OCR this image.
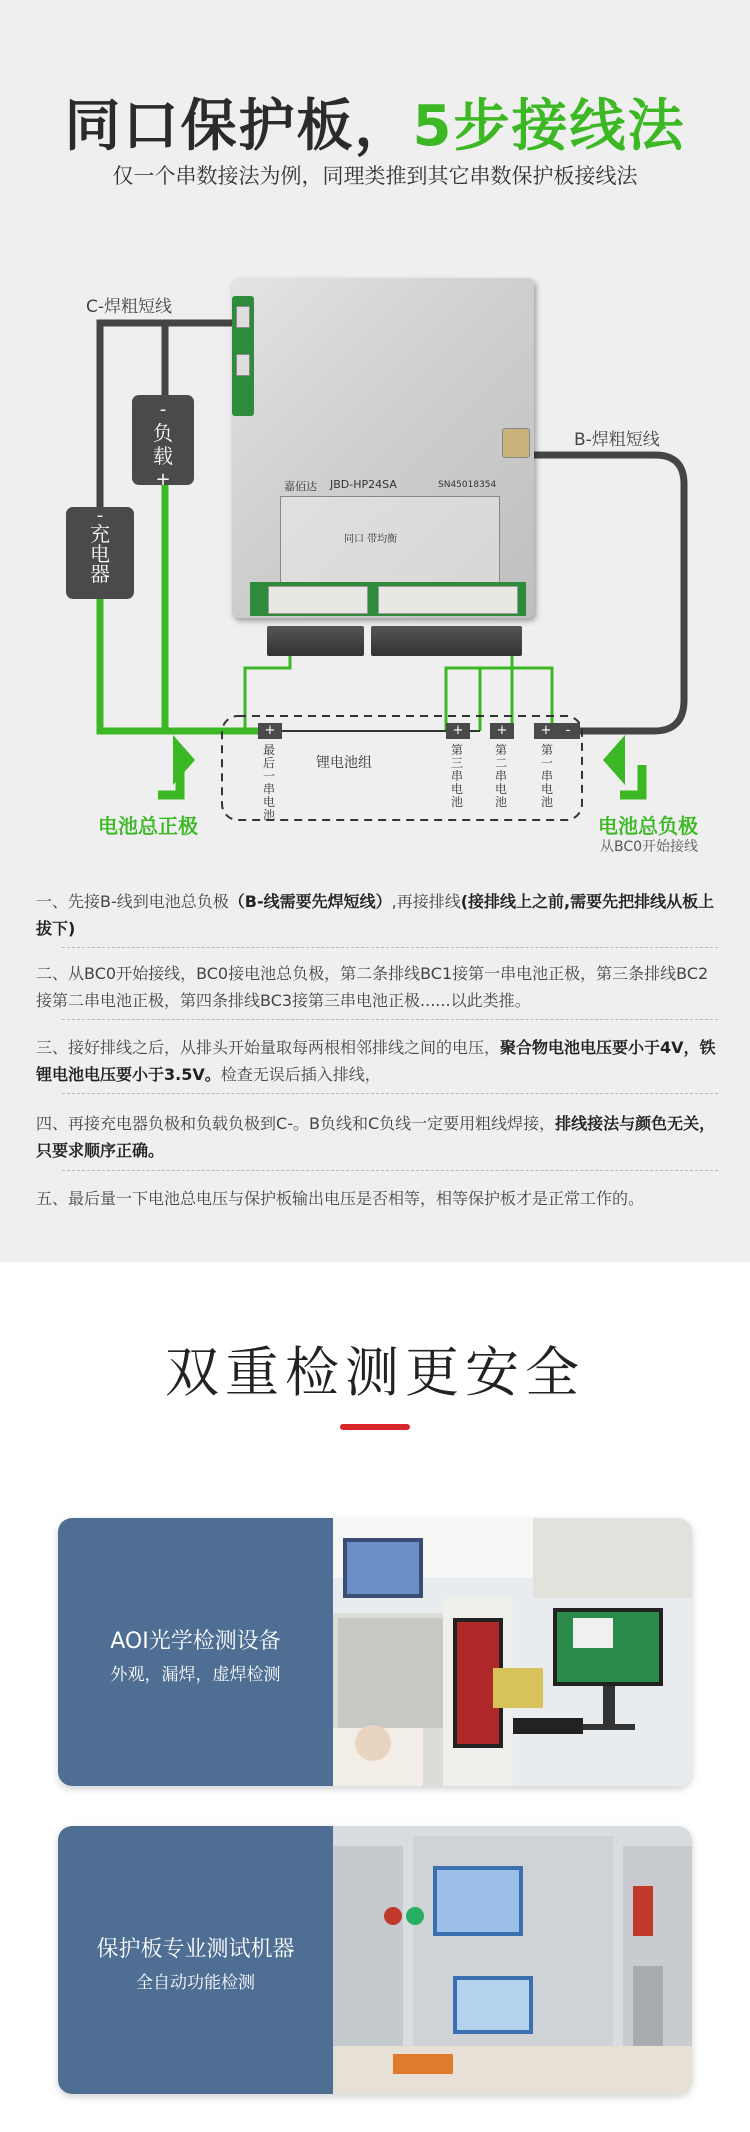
同口保护板，5步接线法
仅一个串数接法为例，同理类推到其它串数保护板接线法
C-焊粗短线
B-焊粗短线
-
负
载
+
-
充
电
器
嘉佰达 JBD-HP24SA	SN45018354
同口 带均衡
+	+	+	+	-
锂电池组
最后一串电池
第三串电池
第二串电池
第一串电池
电池总正极	电池总负极
从BC0开始接线
一、先接B-线到电池总负极（B-线需要先焊短线）,再接排线(接排线上之前,需要先把排线从板上拔下)
二、从BC0开始接线，BC0接电池总负极，第二条排线BC1接第一串电池正极，第三条排线BC2接第二串电池正极，第四条排线BC3接第三串电池正极......以此类推。
三、接好排线之后，从排头开始量取每两根相邻排线之间的电压，聚合物电池电压要小于4V，铁锂电池电压要小于3.5V。检查无误后插入排线，
四、再接充电器负极和负载负极到C-。B负线和C负线一定要用粗线焊接，排线接法与颜色无关，只要求顺序正确。
五、最后量一下电池总电压与保护板输出电压是否相等，相等保护板才是正常工作的。
双重检测更安全
AOI光学检测设备
外观，漏焊，虚焊检测
保护板专业测试机器
全自动功能检测
